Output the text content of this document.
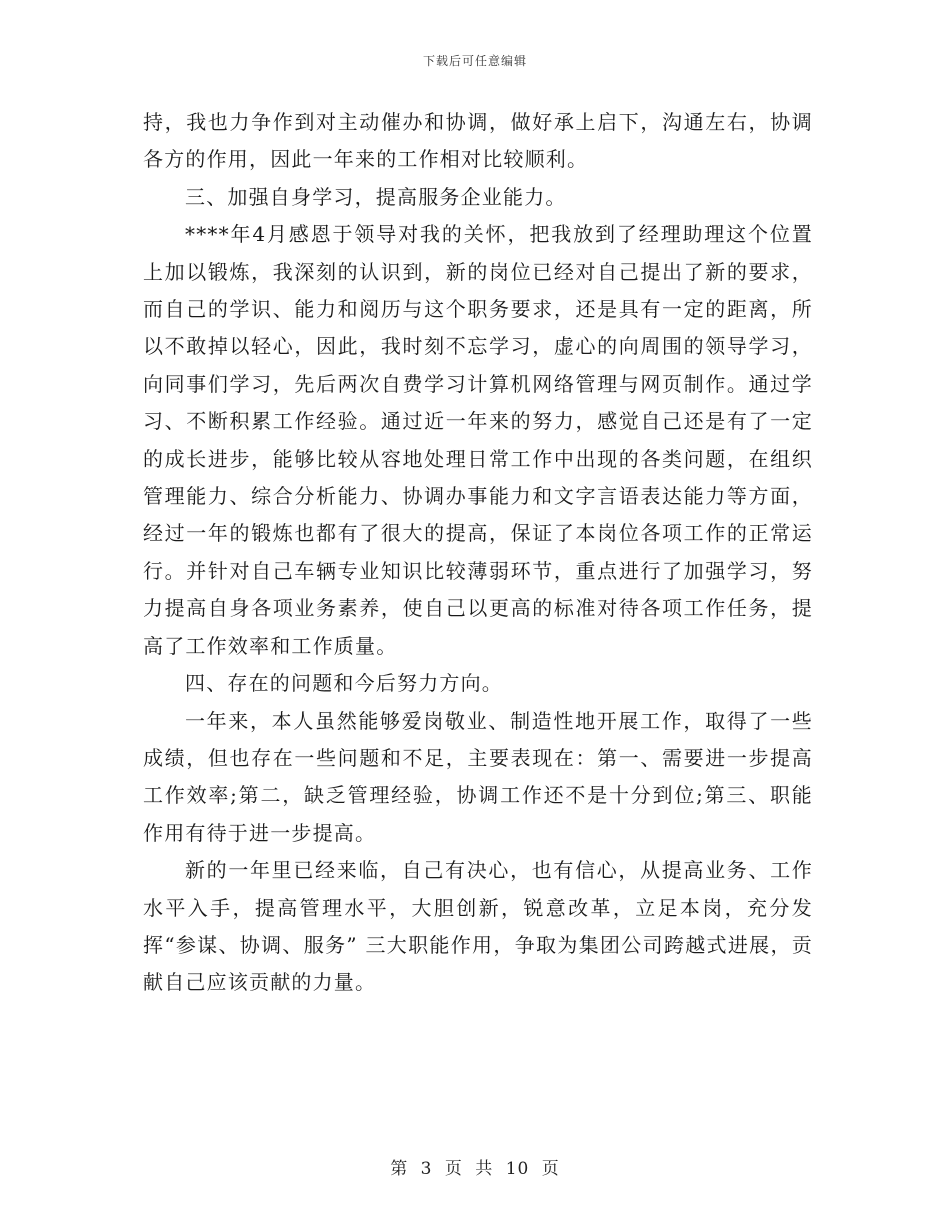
下载后可任意编辑

持，我也力争作到对主动催办和协调，做好承上启下，沟通左右，协调各方的作用，因此一年来的工作相对比较顺利。

三、加强自身学习，提高服务企业能力。

****年4月感恩于领导对我的关怀，把我放到了经理助理这个位置上加以锻炼，我深刻的认识到，新的岗位已经对自己提出了新的要求，而自己的学识、能力和阅历与这个职务要求，还是具有一定的距离，所以不敢掉以轻心，因此，我时刻不忘学习，虚心的向周围的领导学习，向同事们学习，先后两次自费学习计算机网络管理与网页制作。通过学习、不断积累工作经验。通过近一年来的努力，感觉自己还是有了一定的成长进步，能够比较从容地处理日常工作中出现的各类问题，在组织管理能力、综合分析能力、协调办事能力和文字言语表达能力等方面，经过一年的锻炼也都有了很大的提高，保证了本岗位各项工作的正常运行。并针对自己车辆专业知识比较薄弱环节，重点进行了加强学习，努力提高自身各项业务素养，使自己以更高的标准对待各项工作任务，提高了工作效率和工作质量。

四、存在的问题和今后努力方向。

一年来，本人虽然能够爱岗敬业、制造性地开展工作，取得了一些成绩，但也存在一些问题和不足，主要表现在：第一、需要进一步提高工作效率;第二，缺乏管理经验，协调工作还不是十分到位;第三、职能作用有待于进一步提高。

新的一年里已经来临，自己有决心，也有信心，从提高业务、工作水平入手，提高管理水平，大胆创新，锐意改革，立足本岗，充分发挥“参谋、协调、服务” 三大职能作用，争取为集团公司跨越式进展，贡献自己应该贡献的力量。

第 3 页 共 10 页
